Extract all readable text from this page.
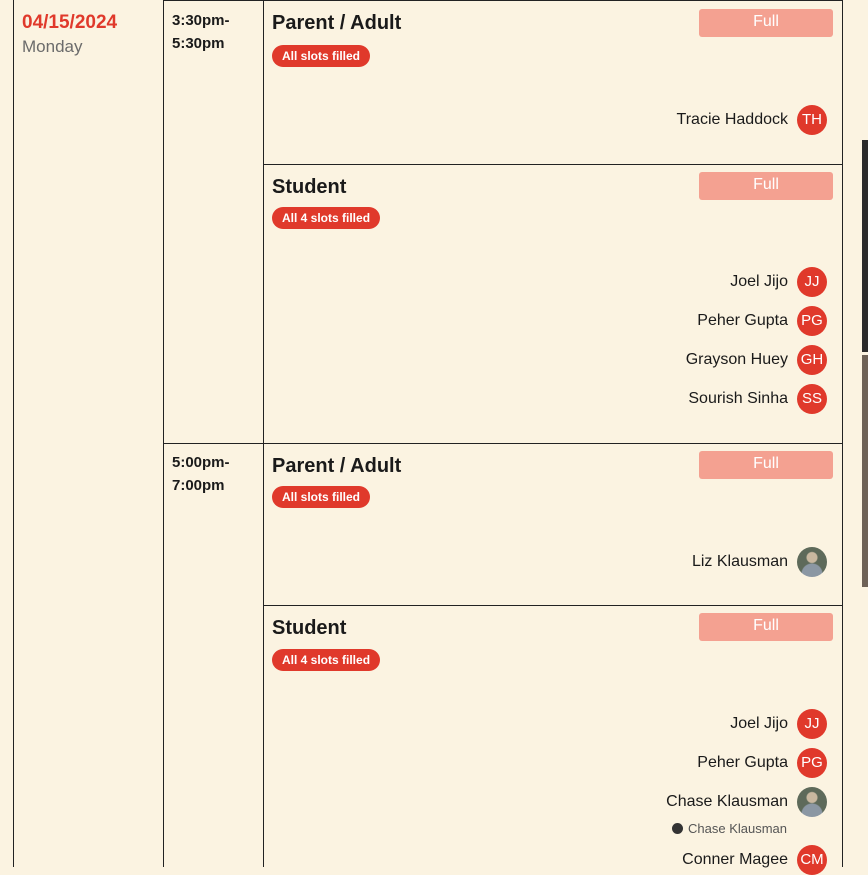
04/15/2024
Monday
3:30pm-
5:30pm
Parent / Adult	Full
All slots filled
Tracie Haddock TH
Student	Full
All 4 slots filled
Joel Jijo	JJ
Peher Gupta PG
Grayson Huey GH
Sourish Sinha SS
5:00pm-
7:00pm
Parent / Adult	Full
All slots filled
Liz Klausman
Student	Full
All 4 slots filled
Joel Jijo	JJ
Peher Gupta PG
Chase Klausman
Chase Klausman
Conner Magee CM
